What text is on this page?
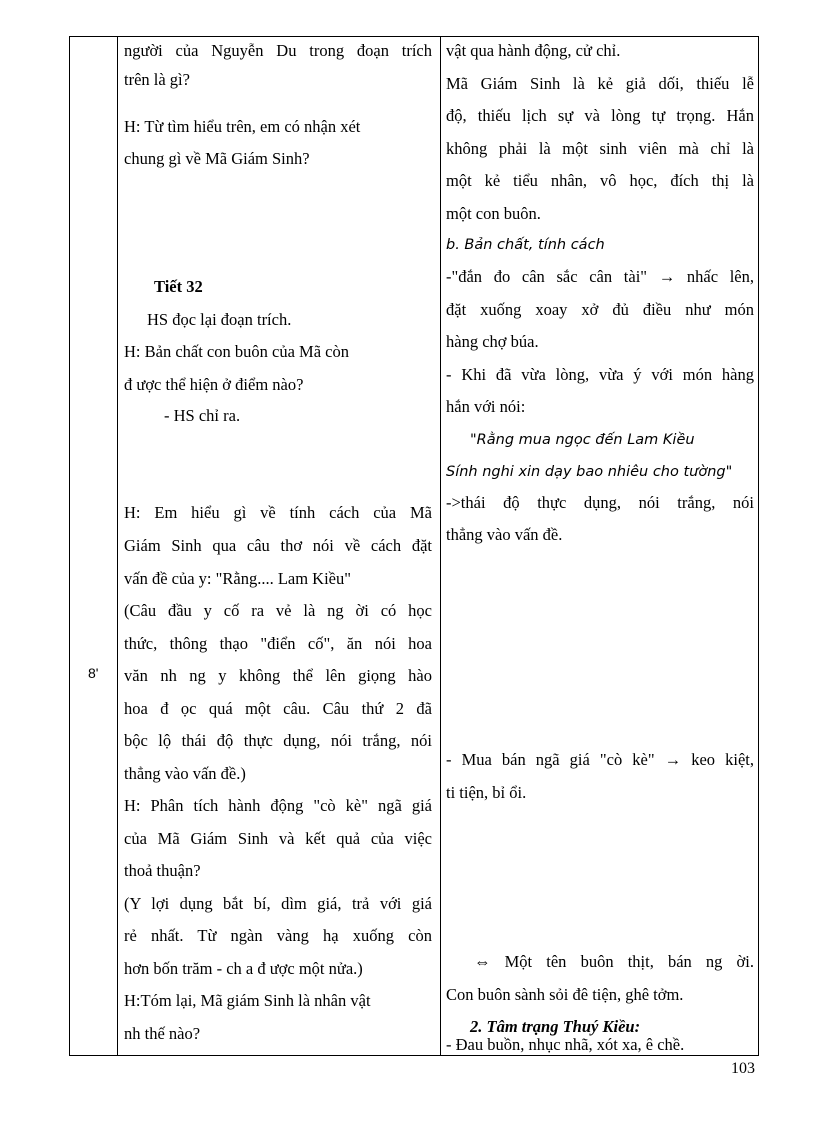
8'
người của Nguyễn Du trong đoạn trích
trên là gì?
H: Từ tìm hiểu trên, em có nhận xét
chung gì về Mã Giám Sinh?
Tiết 32
HS đọc lại đoạn trích.
H: Bản chất con buôn của Mã còn
đ ược thể hiện ở điểm nào?
- HS chỉ ra.
H: Em hiểu gì về tính cách của Mã
Giám Sinh qua câu thơ nói về cách đặt
vấn đề của y: "Rằng.... Lam Kiều"
(Câu đầu y cố ra vẻ là ng ời có học
thức, thông thạo "điển cố", ăn nói hoa
văn nh ng y không thể lên giọng hào
hoa đ ọc quá một câu. Câu thứ 2 đã
bộc lộ thái độ thực dụng, nói trắng, nói
thẳng vào vấn đề.)
H: Phân tích hành động "cò kè" ngã giá
của Mã Giám Sinh và kết quả của việc
thoả thuận?
(Y lợi dụng bắt bí, dìm giá, trả với giá
rẻ nhất. Từ ngàn vàng hạ xuống còn
hơn bốn trăm - ch a đ ược một nửa.)
H:Tóm lại, Mã giám Sinh là nhân vật
nh thế nào?
vật qua hành động, cử chỉ.
Mã Giám Sinh là kẻ giả dối, thiếu lễ
độ, thiếu lịch sự và lòng tự trọng. Hắn
không phải là một sinh viên mà chỉ là
một kẻ tiểu nhân, vô học, đích thị là
một con buôn.
b. Bản chất, tính cách
-"đắn đo cân sắc cân tài" → nhấc lên,
đặt xuống xoay xở đủ điều như món
hàng chợ búa.
- Khi đã vừa lòng, vừa ý với món hàng
hắn với nói:
"Rằng mua ngọc đến Lam Kiều
Sính nghi xin dạy bao nhiêu cho tường"
->thái độ thực dụng, nói trắng, nói
thẳng vào vấn đề.
- Mua bán ngã giá "cò kè" → keo kiệt,
ti tiện, bỉ ổi.
⇔ Một tên buôn thịt, bán ng ời.
Con buôn sành sỏi đê tiện, ghê tởm.
2. Tâm trạng Thuý Kiều:
- Đau buồn, nhục nhã, xót xa, ê chề.
103
